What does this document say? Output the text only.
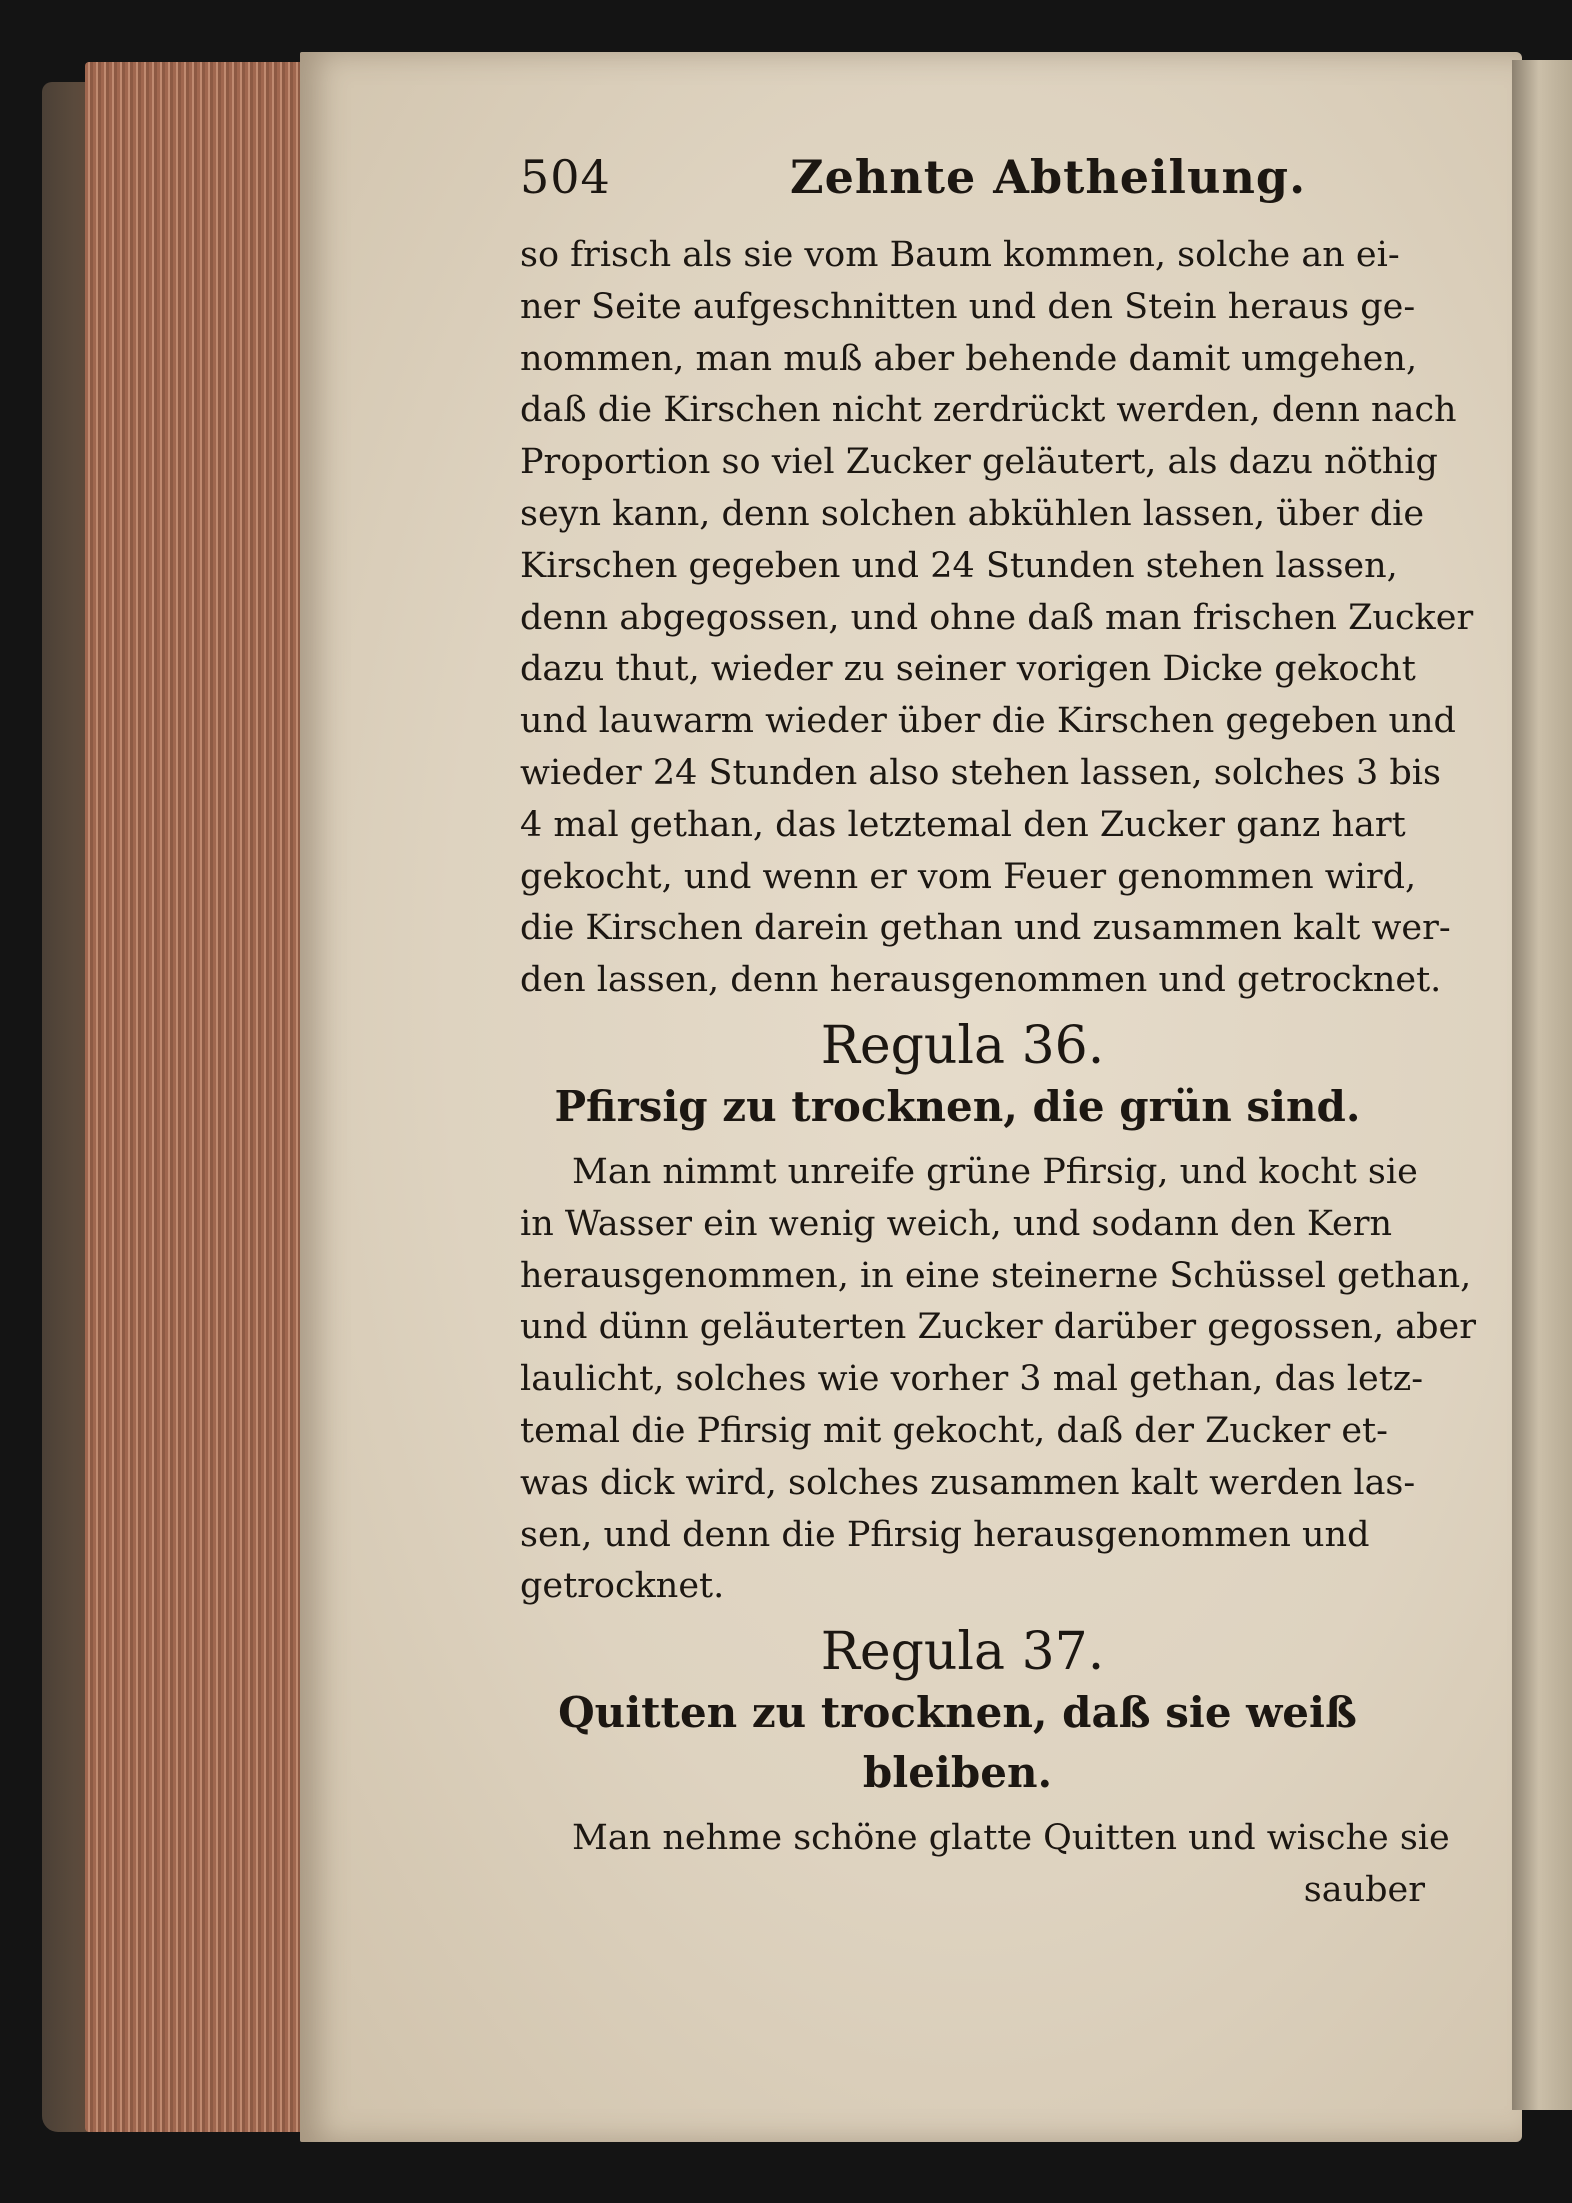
504	Zehnte Abtheilung.
so frisch als sie vom Baum kommen, solche an ei-
ner Seite aufgeschnitten und den Stein heraus ge-
nommen, man muß aber behende damit umgehen,
daß die Kirschen nicht zerdrückt werden, denn nach
Proportion so viel Zucker geläutert, als dazu nöthig
seyn kann, denn solchen abkühlen lassen, über die
Kirschen gegeben und 24 Stunden stehen lassen,
denn abgegossen, und ohne daß man frischen Zucker
dazu thut, wieder zu seiner vorigen Dicke gekocht
und lauwarm wieder über die Kirschen gegeben und
wieder 24 Stunden also stehen lassen, solches 3 bis
4 mal gethan, das letztemal den Zucker ganz hart
gekocht, und wenn er vom Feuer genommen wird,
die Kirschen darein gethan und zusammen kalt wer-
den lassen, denn herausgenommen und getrocknet.
Regula 36.
Pfirsig zu trocknen, die grün sind.
Man nimmt unreife grüne Pfirsig, und kocht sie
in Wasser ein wenig weich, und sodann den Kern
herausgenommen, in eine steinerne Schüssel gethan,
und dünn geläuterten Zucker darüber gegossen, aber
laulicht, solches wie vorher 3 mal gethan, das letz-
temal die Pfirsig mit gekocht, daß der Zucker et-
was dick wird, solches zusammen kalt werden las-
sen, und denn die Pfirsig herausgenommen und
getrocknet.
Regula 37.
Quitten zu trocknen, daß sie weiß bleiben.
Man nehme schöne glatte Quitten und wische sie
sauber
